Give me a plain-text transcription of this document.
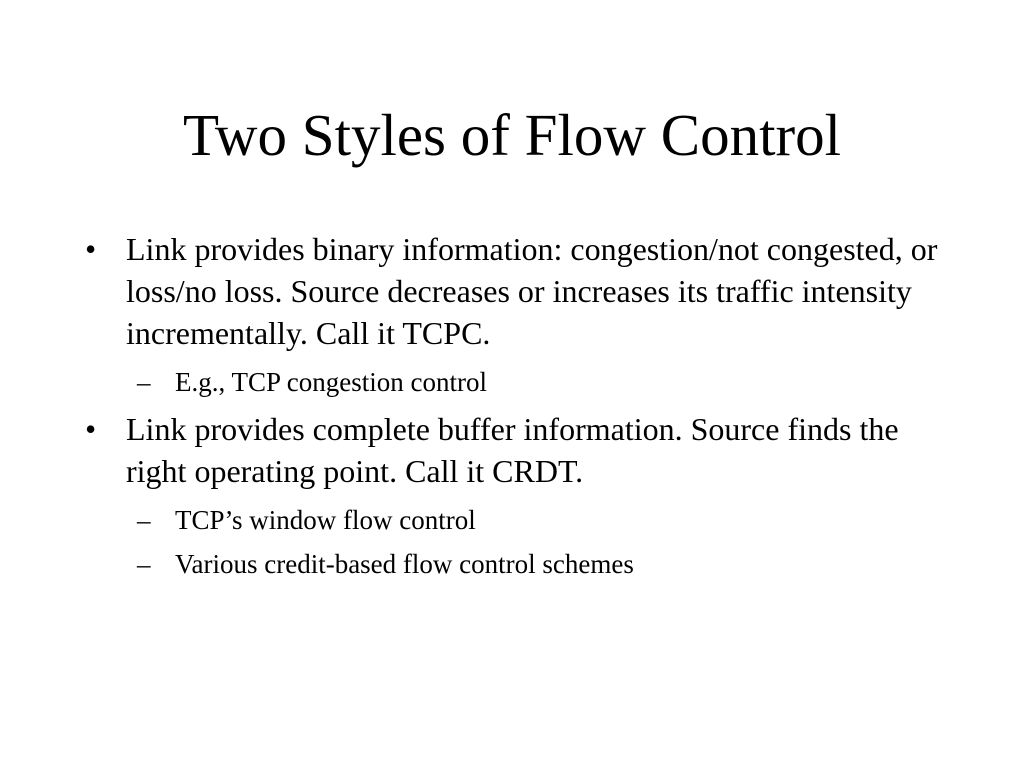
Two Styles of Flow Control
• Link provides binary information: congestion/not congested, or loss/no loss. Source decreases or increases its traffic intensity incrementally. Call it TCPC.
– E.g., TCP congestion control
• Link provides complete buffer information. Source finds the right operating point. Call it CRDT.
– TCP’s window flow control
– Various credit-based flow control schemes
